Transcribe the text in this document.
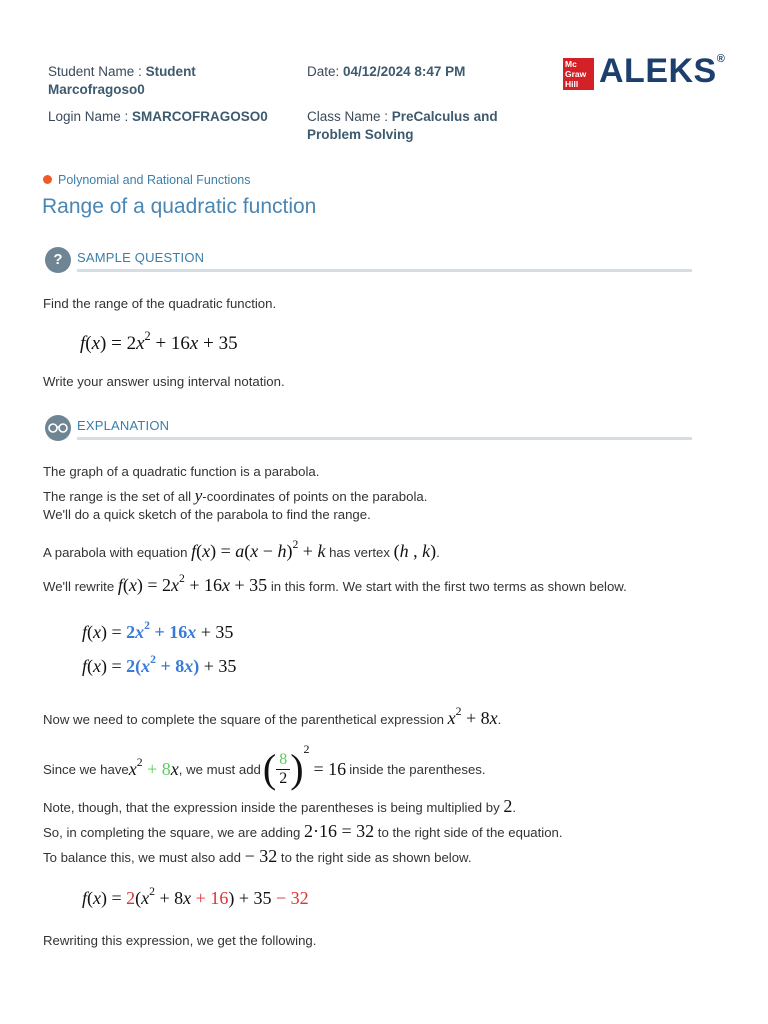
Student Name : Student
Marcofragoso0
Date: 04/12/2024 8:47 PM
Login Name : SMARCOFRAGOSO0	Class Name : PreCalculus and
Problem Solving
Mc
Graw
Hill ALEKS®
Polynomial and Rational Functions
Range of a quadratic function
?	SAMPLE QUESTION
Find the range of the quadratic function.
$f(x) = 2x^2 + 16x + 35$
Write your answer using interval notation.
EXPLANATION
The graph of a quadratic function is a parabola.
The range is the set of all y-coordinates of points on the parabola.
We'll do a quick sketch of the parabola to find the range.
A parabola with equation $f(x) = a(x - h)^2 + k$ has vertex (h , k).
We'll rewrite $f(x) = 2x^2 + 16x + 35$ in this form. We start with the first two terms as shown below.
$f(x) = 2x^2 + 16x + 35$
$f(x) = 2(x^2 + 8x) + 35$
Now we need to complete the square of the parenthetical expression $x^2 + 8x$.
Since we have $x^2 + 8x$ , we must add ( 8
2 ) 2
= 16 inside the parentheses.
Note, though, that the expression inside the parentheses is being multiplied by 2.
So, in completing the square, we are adding 2·16 = 32 to the right side of the equation.
To balance this, we must also add − 32 to the right side as shown below.
$f(x) = 2(x^2 + 8x + 16) + 35 - 32$
Rewriting this expression, we get the following.
